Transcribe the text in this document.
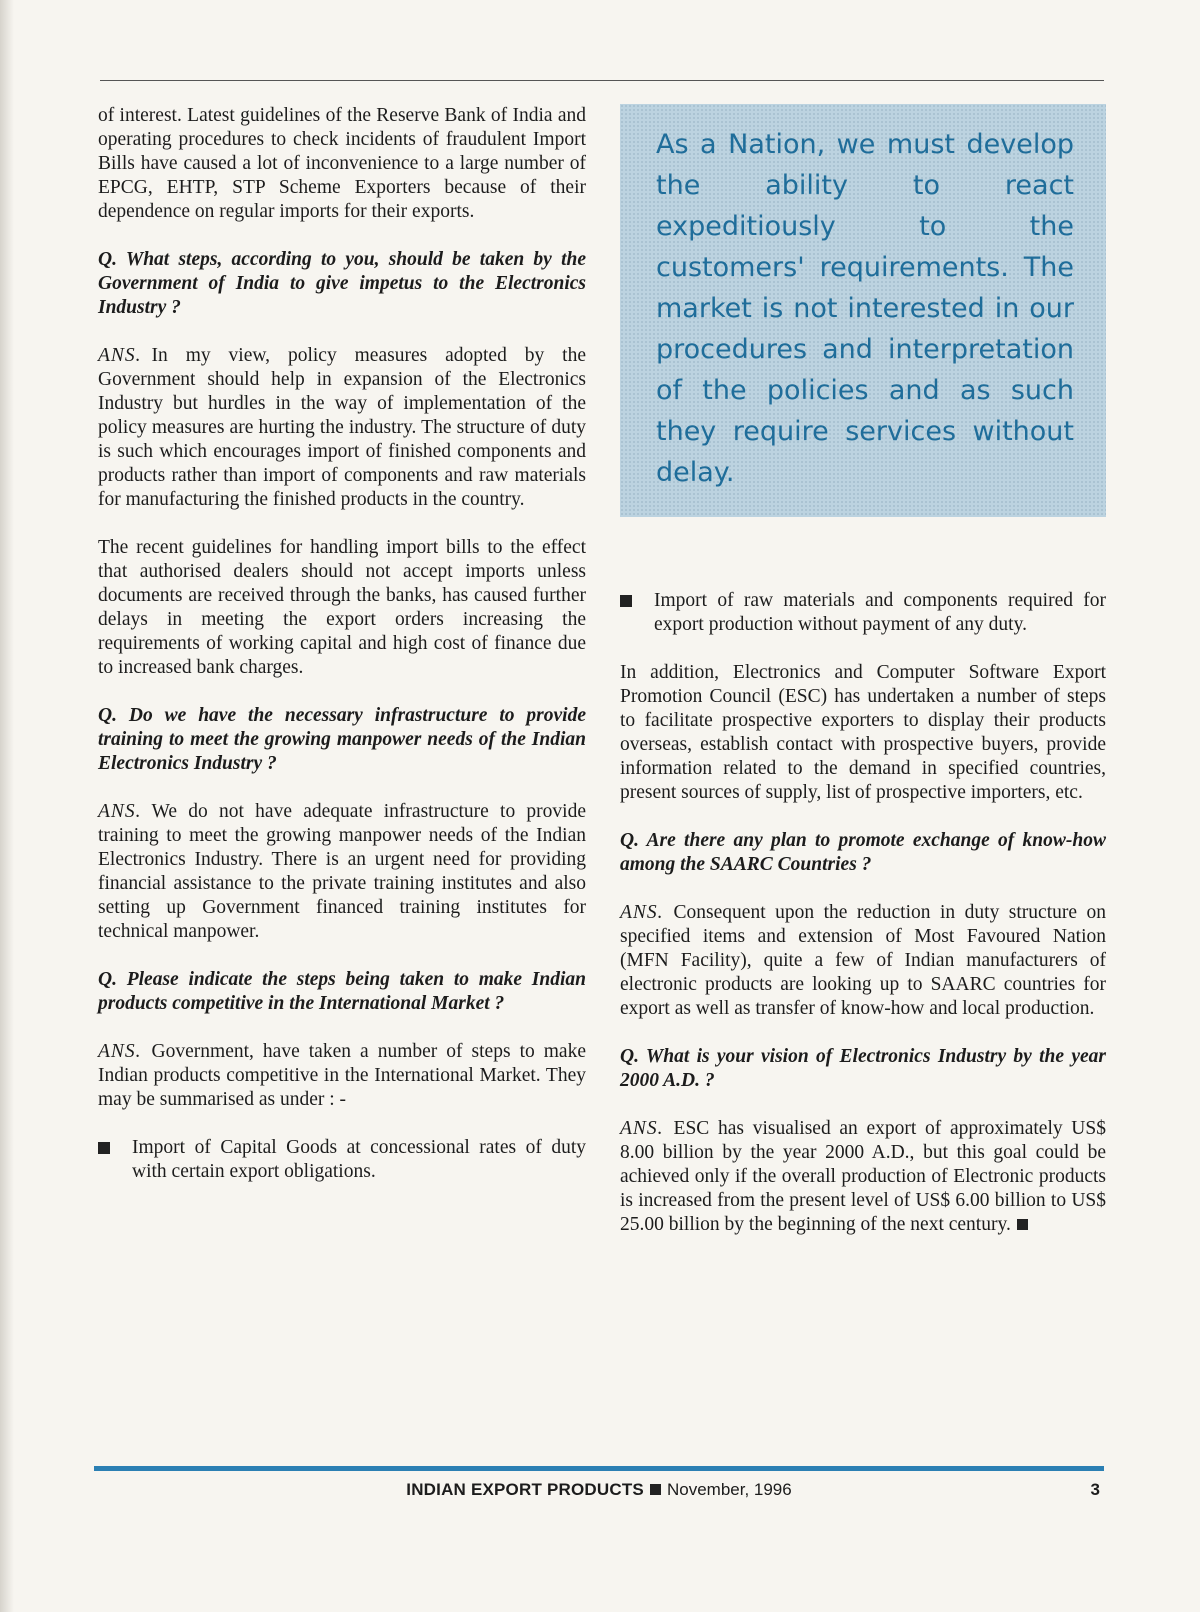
of interest. Latest guidelines of the Reserve Bank of India and operating procedures to check incidents of fraudulent Import Bills have caused a lot of inconvenience to a large number of EPCG, EHTP, STP Scheme Exporters because of their dependence on regular imports for their exports.

Q. What steps, according to you, should be taken by the Government of India to give impetus to the Electronics Industry ?

ANS. In my view, policy measures adopted by the Government should help in expansion of the Electronics Industry but hurdles in the way of implementation of the policy measures are hurting the industry. The structure of duty is such which encourages import of finished components and products rather than import of components and raw materials for manufacturing the finished products in the country.

The recent guidelines for handling import bills to the effect that authorised dealers should not accept imports unless documents are received through the banks, has caused further delays in meeting the export orders increasing the requirements of working capital and high cost of finance due to increased bank charges.

Q. Do we have the necessary infrastructure to provide training to meet the growing manpower needs of the Indian Electronics Industry ?

ANS. We do not have adequate infrastructure to provide training to meet the growing manpower needs of the Indian Electronics Industry. There is an urgent need for providing financial assistance to the private training institutes and also setting up Government financed training institutes for technical manpower.

Q. Please indicate the steps being taken to make Indian products competitive in the International Market ?

ANS. Government, have taken a number of steps to make Indian products competitive in the International Market. They may be summarised as under : -

Import of Capital Goods at concessional rates of duty with certain export obligations.
As a Nation, we must develop the ability to react expeditiously to the customers' requirements. The market is not interested in our procedures and interpretation of the policies and as such they require services without delay.
Import of raw materials and components required for export production without payment of any duty.

In addition, Electronics and Computer Software Export Promotion Council (ESC) has undertaken a number of steps to facilitate prospective exporters to display their products overseas, establish contact with prospective buyers, provide information related to the demand in specified countries, present sources of supply, list of prospective importers, etc.

Q. Are there any plan to promote exchange of know-how among the SAARC Countries ?

ANS. Consequent upon the reduction in duty structure on specified items and extension of Most Favoured Nation (MFN Facility), quite a few of Indian manufacturers of electronic products are looking up to SAARC countries for export as well as transfer of know-how and local production.

Q. What is your vision of Electronics Industry by the year 2000 A.D. ?

ANS. ESC has visualised an export of approximately US$ 8.00 billion by the year 2000 A.D., but this goal could be achieved only if the overall production of Electronic products is increased from the present level of US$ 6.00 billion to US$ 25.00 billion by the beginning of the next century.

INDIAN EXPORT PRODUCTS November, 1996	3
